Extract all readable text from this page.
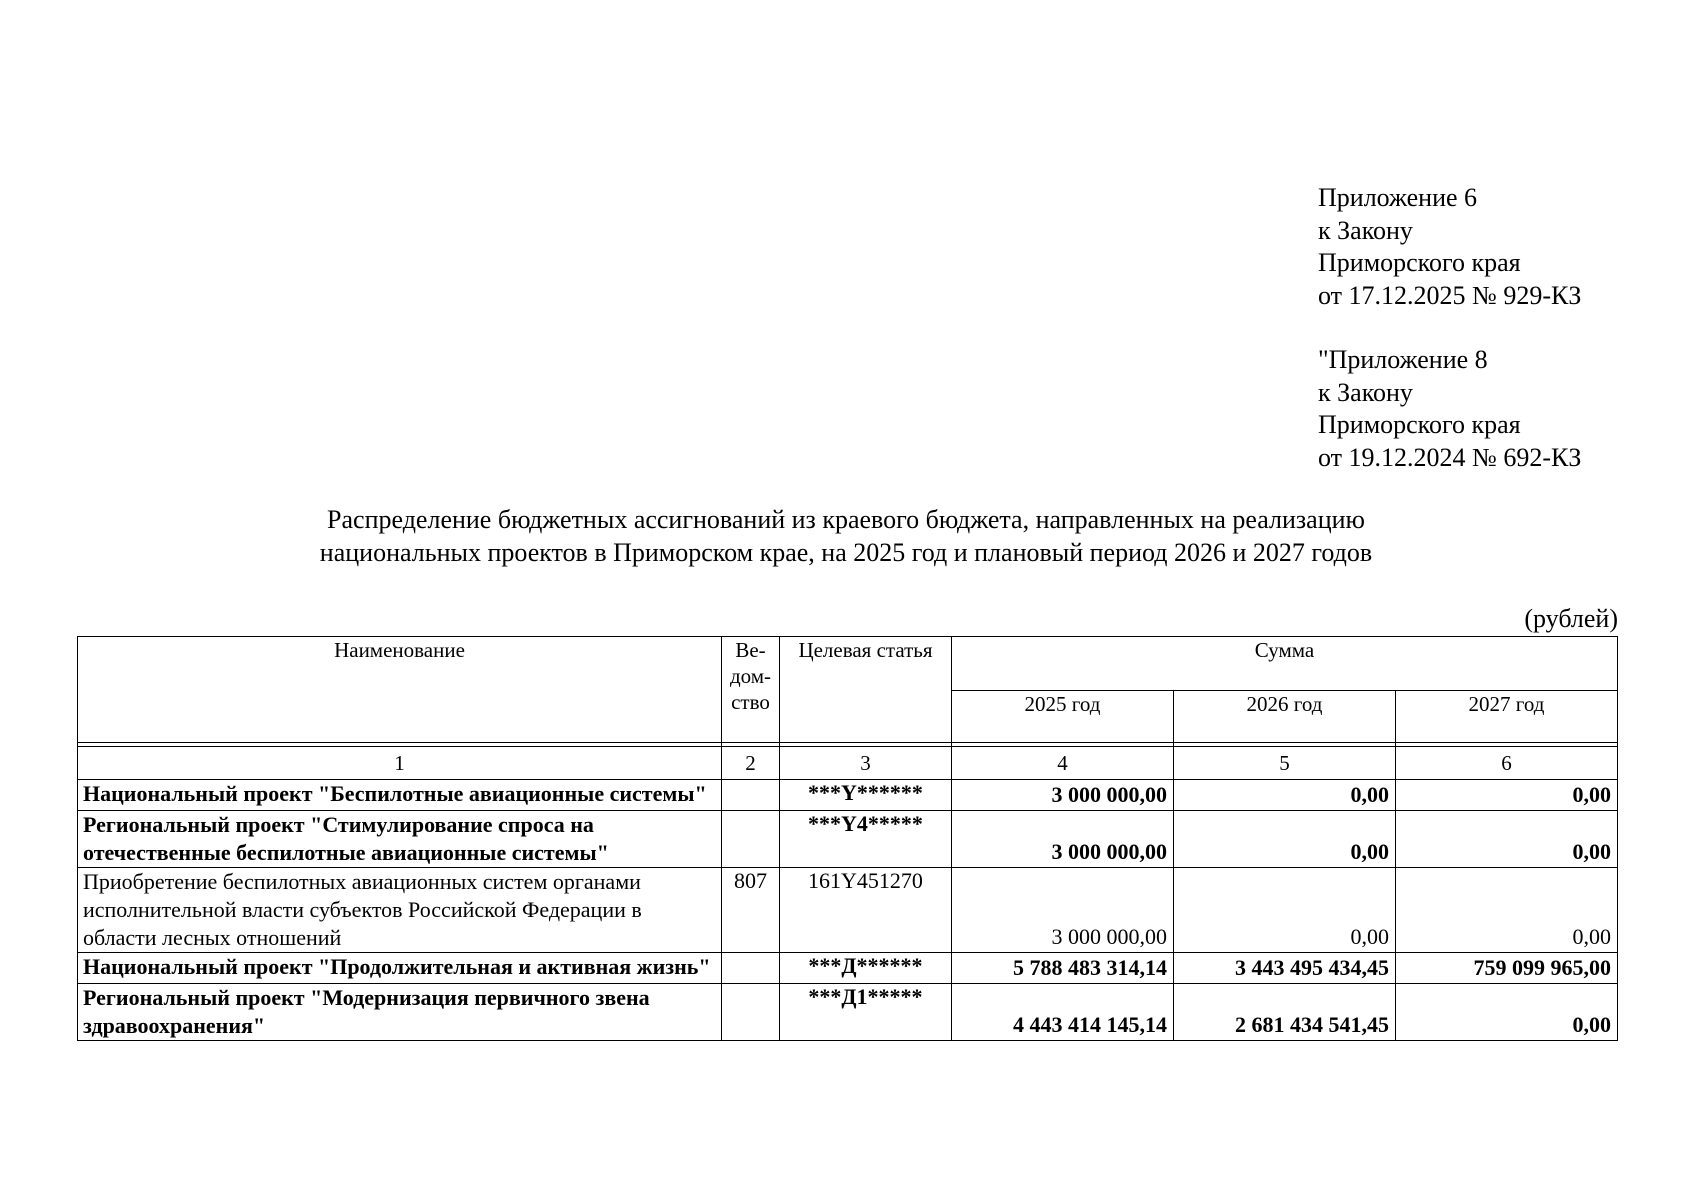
Приложение 6
к Закону
Приморского края
от 17.12.2025 № 929-КЗ
"Приложение 8
к Закону
Приморского края
от 19.12.2024 № 692-КЗ
Распределение бюджетных ассигнований из краевого бюджета, направленных на реализацию
национальных проектов в Приморском крае, на 2025 год и плановый период 2026 и 2027 годов
(рублей)
Наименование	Ве-
дом-
ство	Целевая статья	Сумма		
			2025 год	2026 год	2027 год

1	2	3	4	5	6
Национальный проект "Беспилотные авиационные системы"		***Y******	3 000 000,00	0,00	0,00
Региональный проект "Стимулирование спроса на отечественные беспилотные авиационные системы"		***Y4*****	3 000 000,00	0,00	0,00
Приобретение беспилотных авиационных систем органами исполнительной власти субъектов Российской Федерации в области лесных отношений	807	161Y451270	3 000 000,00	0,00	0,00
Национальный проект "Продолжительная и активная жизнь"		***Д******	5 788 483 314,14	3 443 495 434,45	759 099 965,00
Региональный проект "Модернизация первичного звена здравоохранения"		***Д1*****	4 443 414 145,14	2 681 434 541,45	0,00
